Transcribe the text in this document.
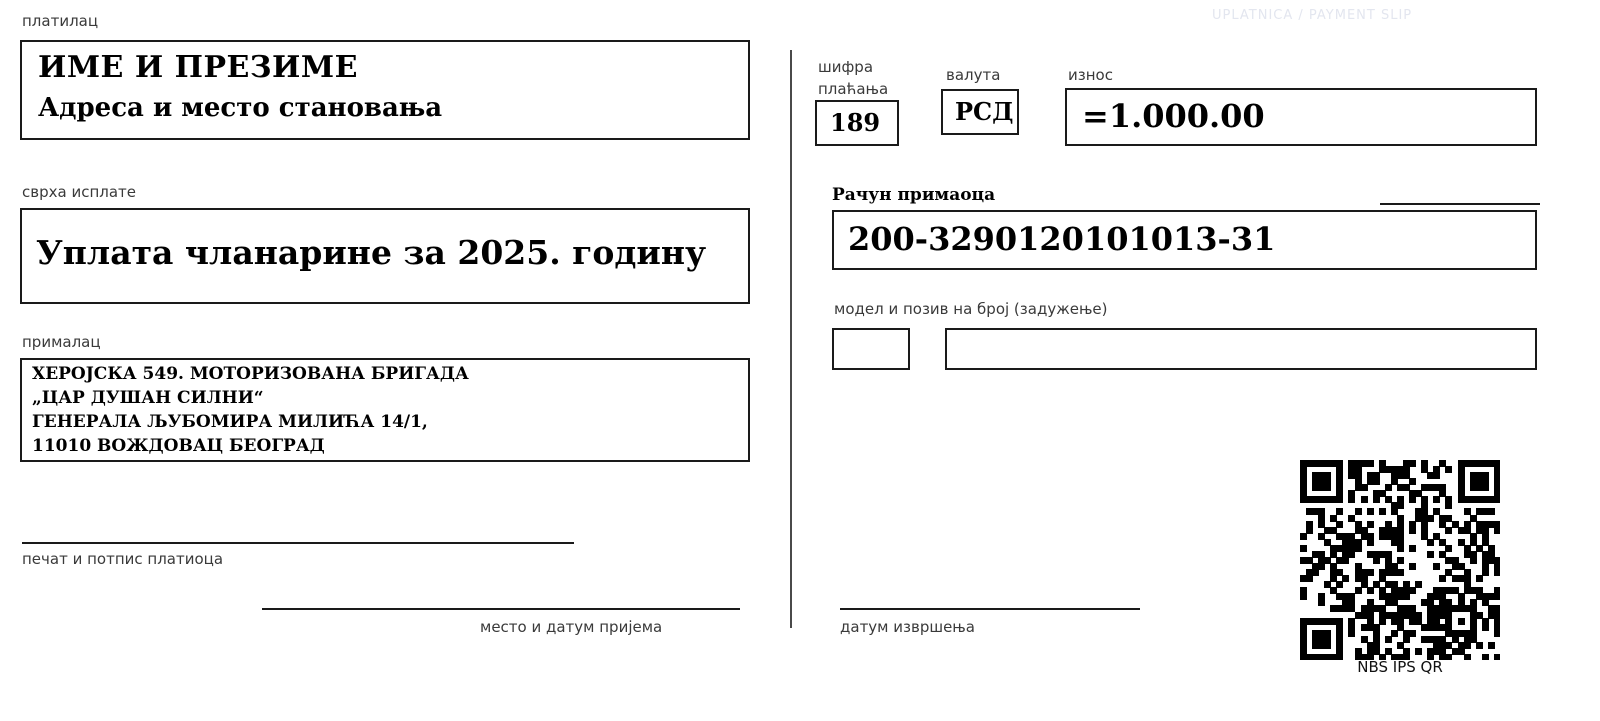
UPLATNICA / PAYMENT SLIP
платилац
ИМЕ И ПРЕЗИМЕ
Адреса и место становања
сврха исплате
Уплата чланарине за 2025. годину
прималац
ХЕРОЈСКА 549. МОТОРИЗОВАНА БРИГАДА
„ЦАР ДУШАН СИЛНИ“
ГЕНЕРАЛА ЉУБОМИРА МИЛИЋА 14/1,
11010 ВОЖДОВАЦ БЕОГРАД
печат и потпис платиоца
место и датум пријема
шифра
плаћања
189
валута
РСД
износ
=1.000.00
Рачун примаоца
200-3290120101013-31
модел и позив на број (задужење)
датум извршења
NBS IPS QR
